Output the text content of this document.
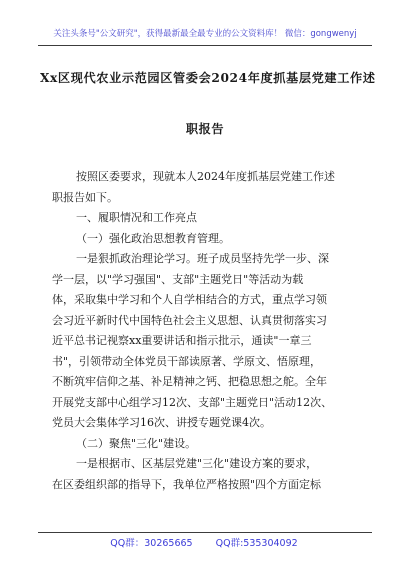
关注头条号"公文研究"，获得最新最全最专业的公文资料库！ 微信：gongwenyj
Xx区现代农业示范园区管委会2024年度抓基层党建工作述
职报告
按照区委要求，现就本人2024年度抓基层党建工作述
职报告如下。
一、履职情况和工作亮点
（一）强化政治思想教育管理。
一是狠抓政治理论学习。班子成员坚持先学一步、深
学一层，以"学习强国"、支部"主题党日"等活动为载
体，采取集中学习和个人自学相结合的方式，重点学习领
会习近平新时代中国特色社会主义思想、认真贯彻落实习
近平总书记视察xx重要讲话和指示批示，通读"一章三
书"，引领带动全体党员干部读原著、学原文、悟原理，
不断筑牢信仰之基、补足精神之钙、把稳思想之舵。全年
开展党支部中心组学习12次、支部"主题党日"活动12次、
党员大会集体学习16次、讲授专题党课4次。
（二）聚焦"三化"建设。
一是根据市、区基层党建"三化"建设方案的要求，
在区委组织部的指导下，我单位严格按照"四个方面定标
QQ群：30265665 QQ群:535304092
